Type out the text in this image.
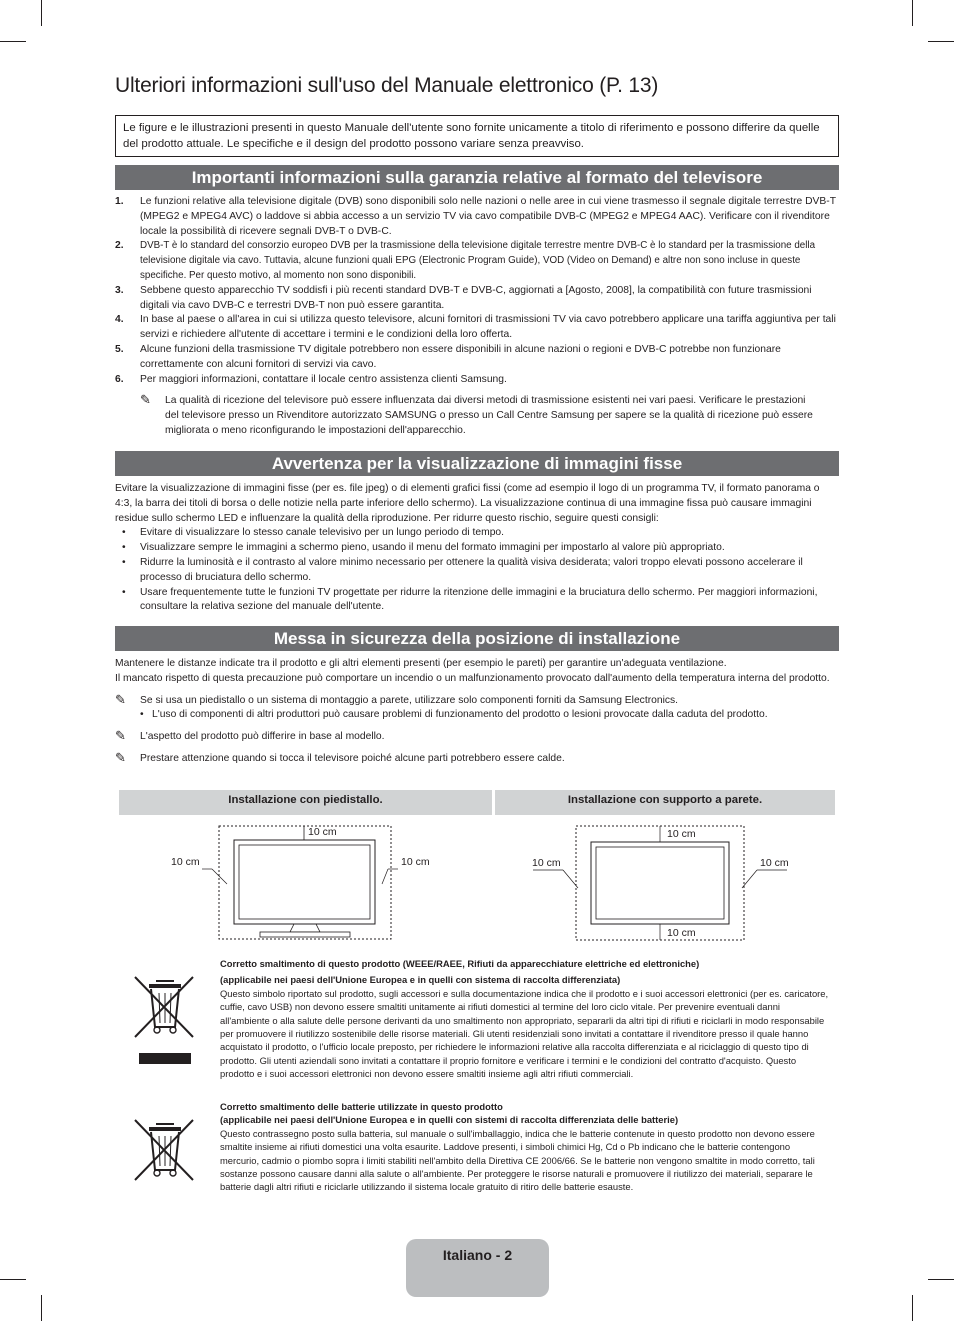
Ulteriori informazioni sull'uso del Manuale elettronico (P. 13)
Le figure e le illustrazioni presenti in questo Manuale dell'utente sono fornite unicamente a titolo di riferimento e possono differire da quelle del prodotto attuale. Le specifiche e il design del prodotto possono variare senza preavviso.
Importanti informazioni sulla garanzia relative al formato del televisore
1. Le funzioni relative alla televisione digitale (DVB) sono disponibili solo nelle nazioni o nelle aree in cui viene trasmesso il segnale digitale terrestre DVB-T (MPEG2 e MPEG4 AVC) o laddove si abbia accesso a un servizio TV via cavo compatibile DVB-C (MPEG2 e MPEG4 AAC). Verificare con il rivenditore locale la possibilità di ricevere segnali DVB-T o DVB-C.
2. DVB-T è lo standard del consorzio europeo DVB per la trasmissione della televisione digitale terrestre mentre DVB-C è lo standard per la trasmissione della televisione digitale via cavo. Tuttavia, alcune funzioni quali EPG (Electronic Program Guide), VOD (Video on Demand) e altre non sono incluse in queste specifiche. Per questo motivo, al momento non sono disponibili.
3. Sebbene questo apparecchio TV soddisfi i più recenti standard DVB-T e DVB-C, aggiornati a [Agosto, 2008], la compatibilità con future trasmissioni digitali via cavo DVB-C e terrestri DVB-T non può essere garantita.
4. In base al paese o all'area in cui si utilizza questo televisore, alcuni fornitori di trasmissioni TV via cavo potrebbero applicare una tariffa aggiuntiva per tali servizi e richiedere all'utente di accettare i termini e le condizioni della loro offerta.
5. Alcune funzioni della trasmissione TV digitale potrebbero non essere disponibili in alcune nazioni o regioni e DVB-C potrebbe non funzionare correttamente con alcuni fornitori di servizi via cavo.
6. Per maggiori informazioni, contattare il locale centro assistenza clienti Samsung.
✎ La qualità di ricezione del televisore può essere influenzata dai diversi metodi di trasmissione esistenti nei vari paesi. Verificare le prestazioni del televisore presso un Rivenditore autorizzato SAMSUNG o presso un Call Centre Samsung per sapere se la qualità di ricezione può essere migliorata o meno riconfigurando le impostazioni dell'apparecchio.
Avvertenza per la visualizzazione di immagini fisse
Evitare la visualizzazione di immagini fisse (per es. file jpeg) o di elementi grafici fissi (come ad esempio il logo di un programma TV, il formato panorama o 4:3, la barra dei titoli di borsa o delle notizie nella parte inferiore dello schermo). La visualizzazione continua di una immagine fissa può causare immagini residue sullo schermo LED e influenzare la qualità della riproduzione. Per ridurre questo rischio, seguire questi consigli:
• Evitare di visualizzare lo stesso canale televisivo per un lungo periodo di tempo.
• Visualizzare sempre le immagini a schermo pieno, usando il menu del formato immagini per impostarlo al valore più appropriato.
• Ridurre la luminosità e il contrasto al valore minimo necessario per ottenere la qualità visiva desiderata; valori troppo elevati possono accelerare il processo di bruciatura dello schermo.
• Usare frequentemente tutte le funzioni TV progettate per ridurre la ritenzione delle immagini e la bruciatura dello schermo. Per maggiori informazioni, consultare la relativa sezione del manuale dell'utente.
Messa in sicurezza della posizione di installazione
Mantenere le distanze indicate tra il prodotto e gli altri elementi presenti (per esempio le pareti) per garantire un'adeguata ventilazione.
Il mancato rispetto di questa precauzione può comportare un incendio o un malfunzionamento provocato dall'aumento della temperatura interna del prodotto.
✎ Se si usa un piedistallo o un sistema di montaggio a parete, utilizzare solo componenti forniti da Samsung Electronics.
• L'uso di componenti di altri produttori può causare problemi di funzionamento del prodotto o lesioni provocate dalla caduta del prodotto.
✎ L'aspetto del prodotto può differire in base al modello.
✎ Prestare attenzione quando si tocca il televisore poiché alcune parti potrebbero essere calde.
Installazione con piedistallo.	Installazione con supporto a parete.
10 cm
10 cm	10 cm
10 cm
10 cm
10 cm	10 cm
Corretto smaltimento di questo prodotto (WEEE/RAEE, Rifiuti da apparecchiature elettriche ed elettroniche)
(applicabile nei paesi dell'Unione Europea e in quelli con sistema di raccolta differenziata)
Questo simbolo riportato sul prodotto, sugli accessori e sulla documentazione indica che il prodotto e i suoi accessori elettronici (per es. caricatore, cuffie, cavo USB) non devono essere smaltiti unitamente ai rifiuti domestici al termine del loro ciclo vitale. Per prevenire eventuali danni all'ambiente o alla salute delle persone derivanti da uno smaltimento non appropriato, separarli da altri tipi di rifiuti e riciclarli in modo responsabile per promuovere il riutilizzo sostenibile delle risorse materiali. Gli utenti residenziali sono invitati a contattare il rivenditore presso il quale hanno acquistato il prodotto, o l'ufficio locale preposto, per richiedere le informazioni relative alla raccolta differenziata e al riciclaggio di questo tipo di prodotto. Gli utenti aziendali sono invitati a contattare il proprio fornitore e verificare i termini e le condizioni del contratto d'acquisto. Questo prodotto e i suoi accessori elettronici non devono essere smaltiti insieme agli altri rifiuti commerciali.
Corretto smaltimento delle batterie utilizzate in questo prodotto
(applicabile nei paesi dell'Unione Europea e in quelli con sistemi di raccolta differenziata delle batterie)
Questo contrassegno posto sulla batteria, sul manuale o sull'imballaggio, indica che le batterie contenute in questo prodotto non devono essere smaltite insieme ai rifiuti domestici una volta esaurite. Laddove presenti, i simboli chimici Hg, Cd o Pb indicano che le batterie contengono mercurio, cadmio o piombo sopra i limiti stabiliti nell'ambito della Direttiva CE 2006/66. Se le batterie non vengono smaltite in modo corretto, tali sostanze possono causare danni alla salute o all'ambiente. Per proteggere le risorse naturali e promuovere il riutilizzo dei materiali, separare le batterie dagli altri rifiuti e riciclarle utilizzando il sistema locale gratuito di ritiro delle batterie esauste.
Italiano - 2
